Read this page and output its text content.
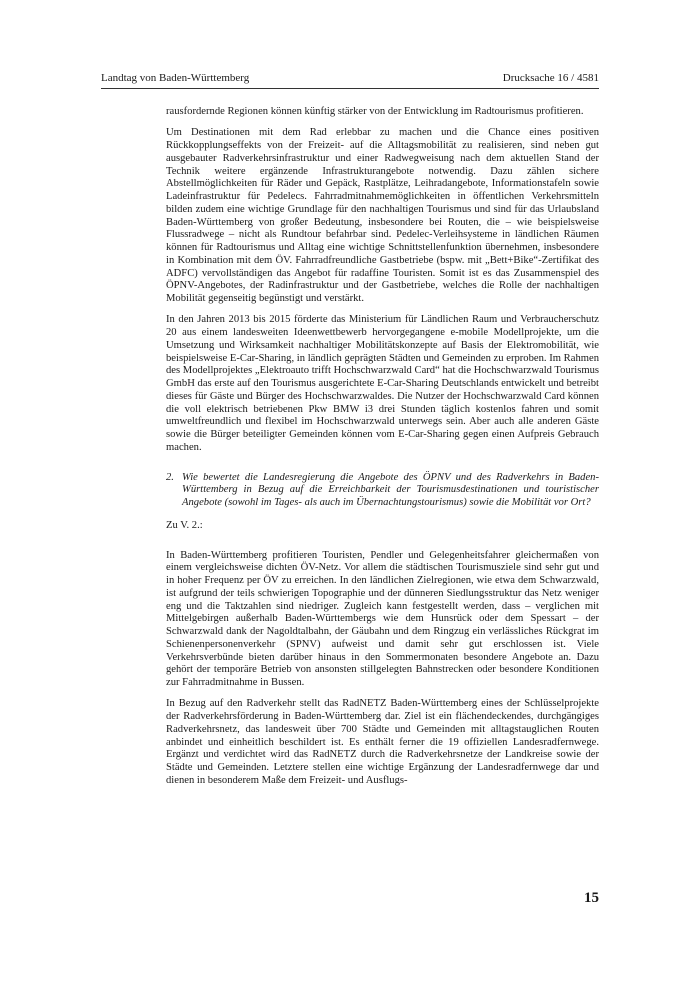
Landtag von Baden-Württemberg	Drucksache 16 / 4581

rausfordernde Regionen können künftig stärker von der Entwicklung im Radtourismus profitieren.

Um Destinationen mit dem Rad erlebbar zu machen und die Chance eines positiven Rückkopplungseffekts von der Freizeit- auf die Alltagsmobilität zu realisieren, sind neben gut ausgebauter Radverkehrsinfrastruktur und einer Radwegweisung nach dem aktuellen Stand der Technik weitere ergänzende Infrastrukturangebote notwendig. Dazu zählen sichere Abstellmöglichkeiten für Räder und Gepäck, Rastplätze, Leihradangebote, Informationstafeln sowie Ladeinfrastruktur für Pedelecs. Fahrradmitnahmemöglichkeiten in öffentlichen Verkehrsmitteln bilden zudem eine wichtige Grundlage für den nachhaltigen Tourismus und sind für das Urlaubsland Baden-Württemberg von großer Bedeutung, insbesondere bei Routen, die – wie beispielsweise Flussradwege – nicht als Rundtour befahrbar sind. Pedelec-Verleihsysteme in ländlichen Räumen können für Radtourismus und Alltag eine wichtige Schnittstellenfunktion übernehmen, insbesondere in Kombination mit dem ÖV. Fahrradfreundliche Gastbetriebe (bspw. mit „Bett+Bike“-Zertifikat des ADFC) vervollständigen das Angebot für radaffine Touristen. Somit ist es das Zusammenspiel des ÖPNV-Angebotes, der Radinfrastruktur und der Gastbetriebe, welches die Rolle der nachhaltigen Mobilität gegenseitig begünstigt und verstärkt.

In den Jahren 2013 bis 2015 förderte das Ministerium für Ländlichen Raum und Verbraucherschutz 20 aus einem landesweiten Ideenwettbewerb hervorgegangene e-mobile Modellprojekte, um die Umsetzung und Wirksamkeit nachhaltiger Mobilitätskonzepte auf Basis der Elektromobilität, wie beispielsweise E-Car-Sharing, in ländlich geprägten Städten und Gemeinden zu erproben. Im Rahmen des Modellprojektes „Elektroauto trifft Hochschwarzwald Card“ hat die Hochschwarzwald Tourismus GmbH das erste auf den Tourismus ausgerichtete E-Car-Sharing Deutschlands entwickelt und betreibt dieses für Gäste und Bürger des Hochschwarzwaldes. Die Nutzer der Hochschwarzwald Card können die voll elektrisch betriebenen Pkw BMW i3 drei Stunden täglich kostenlos fahren und somit umweltfreundlich und flexibel im Hochschwarzwald unterwegs sein. Aber auch alle anderen Gäste sowie die Bürger beteiligter Gemeinden können vom E-Car-Sharing gegen einen Aufpreis Gebrauch machen.

2. Wie bewertet die Landesregierung die Angebote des ÖPNV und des Radverkehrs in Baden-Württemberg in Bezug auf die Erreichbarkeit der Tourismusdestinationen und touristischer Angebote (sowohl im Tages- als auch im Übernachtungstourismus) sowie die Mobilität vor Ort?

Zu V. 2.:

In Baden-Württemberg profitieren Touristen, Pendler und Gelegenheitsfahrer gleichermaßen von einem vergleichsweise dichten ÖV-Netz. Vor allem die städtischen Tourismusziele sind sehr gut und in hoher Frequenz per ÖV zu erreichen. In den ländlichen Zielregionen, wie etwa dem Schwarzwald, ist aufgrund der teils schwierigen Topographie und der dünneren Siedlungsstruktur das Netz weniger eng und die Taktzahlen sind niedriger. Zugleich kann festgestellt werden, dass – verglichen mit Mittelgebirgen außerhalb Baden-Württembergs wie dem Hunsrück oder dem Spessart – der Schwarzwald dank der Nagoldtalbahn, der Gäubahn und dem Ringzug ein verlässliches Rückgrat im Schienenpersonenverkehr (SPNV) aufweist und damit sehr gut erschlossen ist. Viele Verkehrsverbünde bieten darüber hinaus in den Sommermonaten besondere Angebote an. Dazu gehört der temporäre Betrieb von ansonsten stillgelegten Bahnstrecken oder besondere Konditionen zur Fahrradmitnahme in Bussen.

In Bezug auf den Radverkehr stellt das RadNETZ Baden-Württemberg eines der Schlüsselprojekte der Radverkehrsförderung in Baden-Württemberg dar. Ziel ist ein flächendeckendes, durchgängiges Radverkehrsnetz, das landesweit über 700 Städte und Gemeinden mit alltagstauglichen Routen anbindet und einheitlich beschildert ist. Es enthält ferner die 19 offiziellen Landesradfernwege. Ergänzt und verdichtet wird das RadNETZ durch die Radverkehrsnetze der Landkreise sowie der Städte und Gemeinden. Letztere stellen eine wichtige Ergänzung der Landesradfernwege dar und dienen in besonderem Maße dem Freizeit- und Ausflugs-

15
